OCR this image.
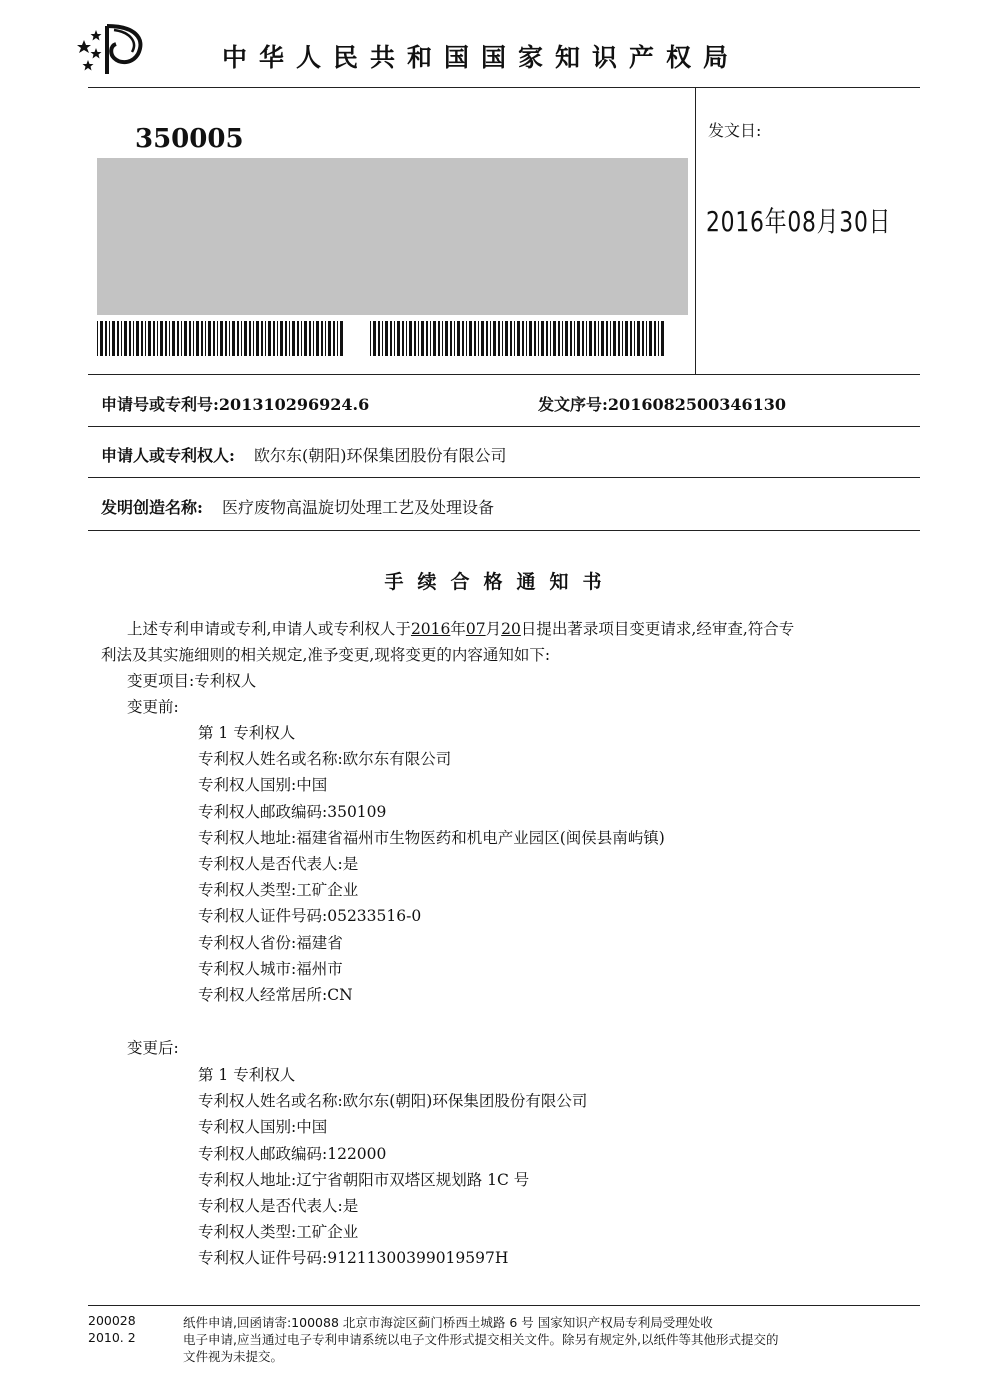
中华人民共和国国家知识产权局
350005	发文日:
2016年08月30日
申请号或专利号:201310296924.6	发文序号:2016082500346130
申请人或专利权人: 欧尔东(朝阳)环保集团股份有限公司
发明创造名称: 医疗废物高温旋切处理工艺及处理设备
手续合格通知书
上述专利申请或专利,申请人或专利权人于2016年07月20日提出著录项目变更请求,经审查,符合专
利法及其实施细则的相关规定,准予变更,现将变更的内容通知如下:
变更项目:专利权人
变更前:
第 1 专利权人
专利权人姓名或名称:欧尔东有限公司
专利权人国别:中国
专利权人邮政编码:350109
专利权人地址:福建省福州市生物医药和机电产业园区(闽侯县南屿镇)
专利权人是否代表人:是
专利权人类型:工矿企业
专利权人证件号码:05233516-0
专利权人省份:福建省
专利权人城市:福州市
专利权人经常居所:CN
变更后:
第 1 专利权人
专利权人姓名或名称:欧尔东(朝阳)环保集团股份有限公司
专利权人国别:中国
专利权人邮政编码:122000
专利权人地址:辽宁省朝阳市双塔区规划路 1C 号
专利权人是否代表人:是
专利权人类型:工矿企业
专利权人证件号码:91211300399019597H
200028
2010. 2
纸件申请,回函请寄:100088 北京市海淀区蓟门桥西土城路 6 号 国家知识产权局专利局受理处收
电子申请,应当通过电子专利申请系统以电子文件形式提交相关文件。除另有规定外,以纸件等其他形式提交的
文件视为未提交。
